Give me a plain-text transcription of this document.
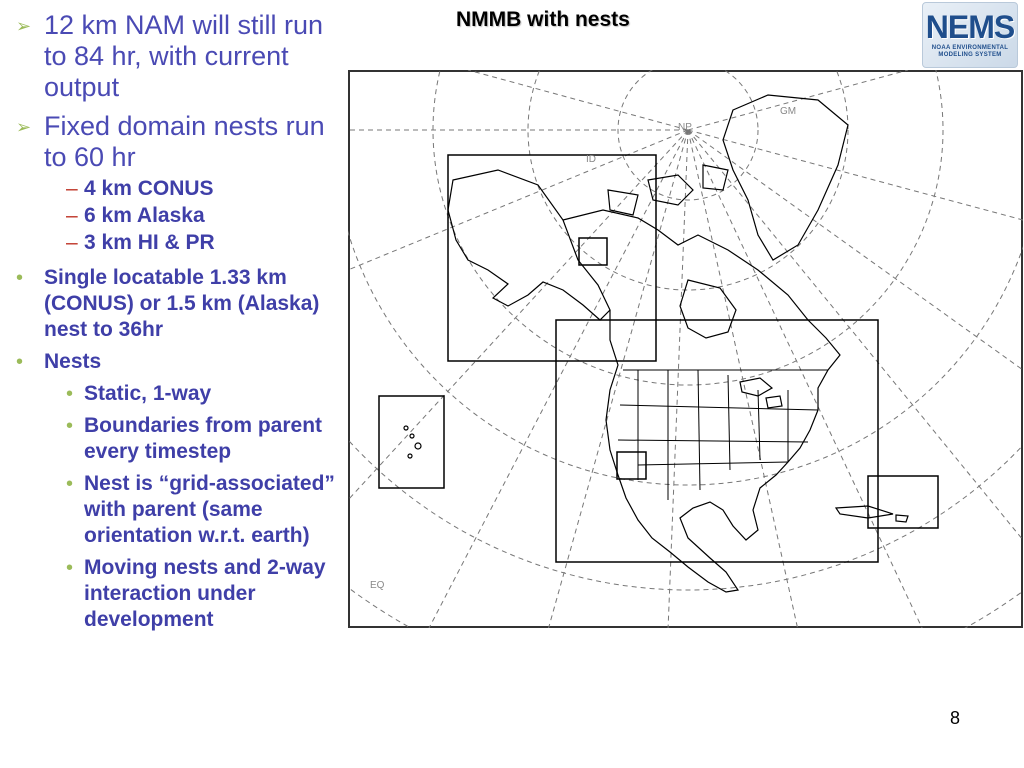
NMMB with nests	NEMS
NOAA ENVIRONMENTAL
MODELING SYSTEM
➢ 12 km NAM will still run to 84 hr, with current output
➢ Fixed domain nests run to 60 hr
– 4 km CONUS
– 6 km Alaska
– 3 km HI & PR
• Single locatable 1.33 km (CONUS) or 1.5 km (Alaska) nest to 36hr
• Nests
• Static, 1-way
• Boundaries from parent every timestep
• Nest is “grid-associated” with parent (same orientation w.r.t. earth)
• Moving nests and 2-way interaction under development
NP
GM
ID
EQ
8
